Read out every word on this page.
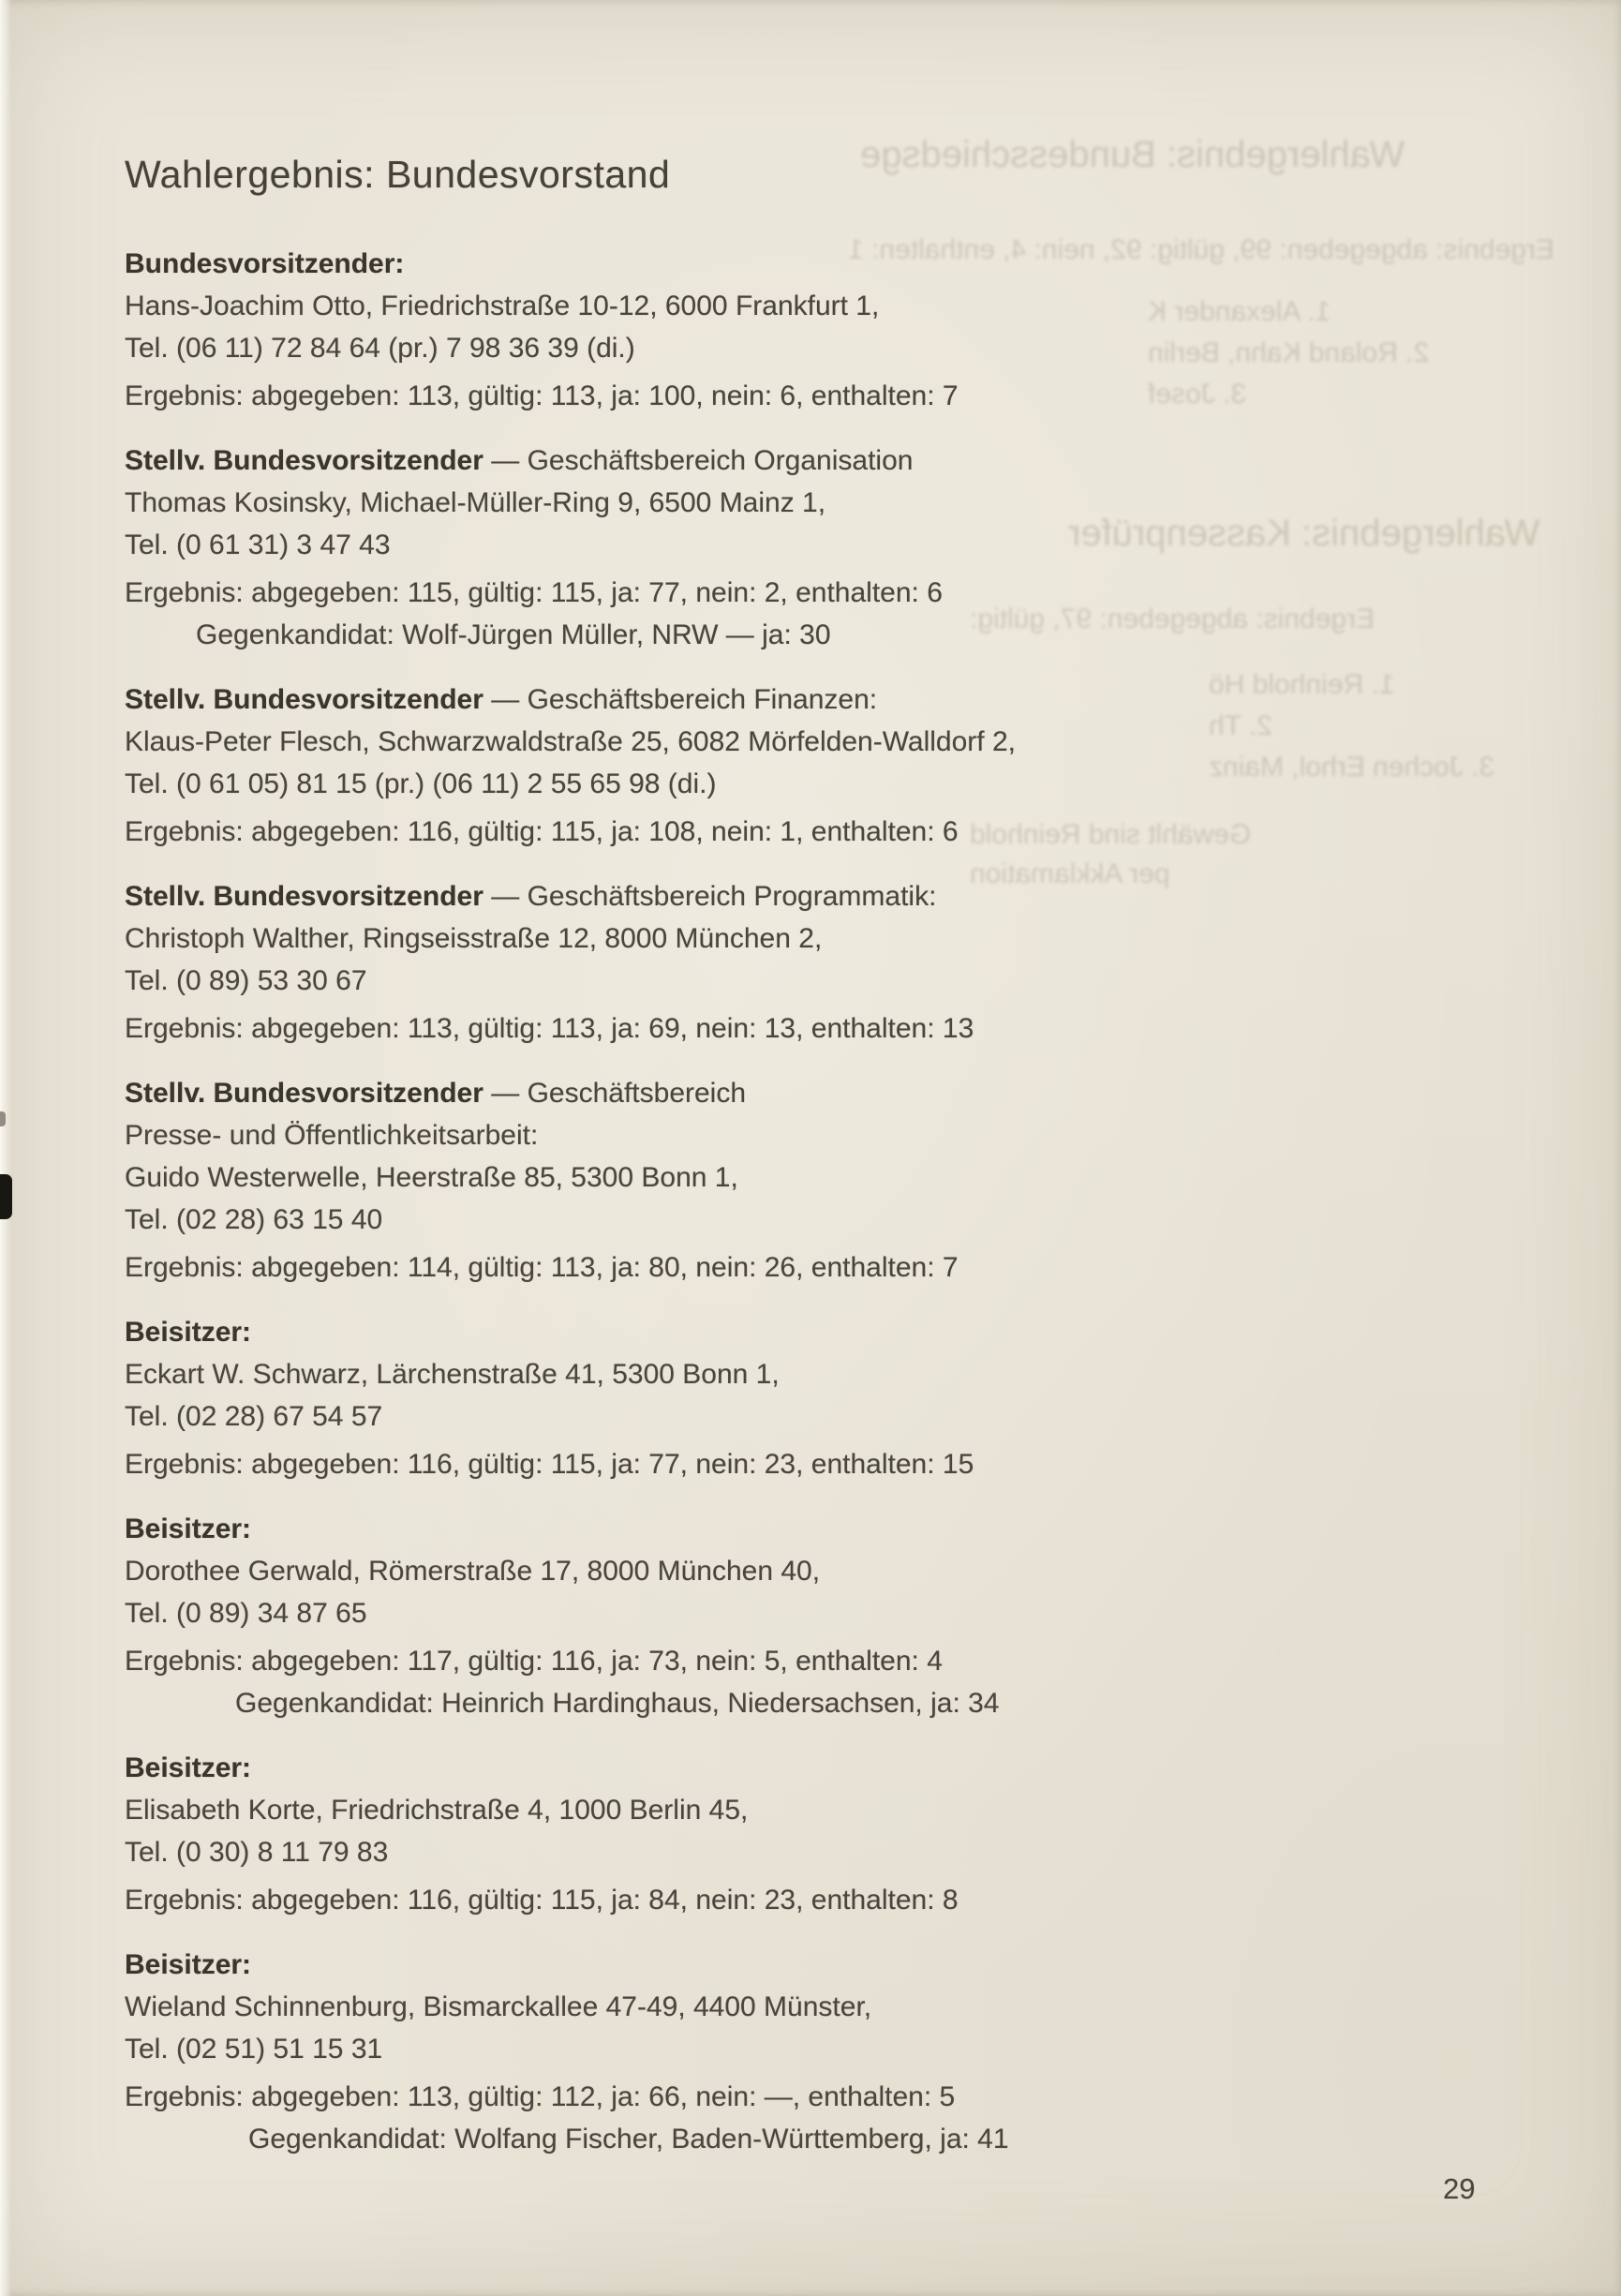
Wahlergebnis: Bundesschiedsge
Ergebnis: abgegeben: 99, gültig: 92, nein: 4, enthalten: 1
1. Alexander K
2. Roland Kahn, Berlin
3. Josef
Wahlergebnis: Kassenprüfer
Ergebnis: abgegeben: 97, gültig:
1. Reinhold Hö
2. Th
3. Jochen Erhol, Mainz
Gewählt sind Reinhold
per Akklamation
Wahlergebnis: Bundesvorstand
Bundesvorsitzender:
Hans-Joachim Otto, Friedrichstraße 10-12, 6000 Frankfurt 1,
Tel. (06 11) 72 84 64 (pr.) 7 98 36 39 (di.)
Ergebnis: abgegeben: 113, gültig: 113, ja: 100, nein: 6, enthalten: 7
Stellv. Bundesvorsitzender — Geschäftsbereich Organisation
Thomas Kosinsky, Michael-Müller-Ring 9, 6500 Mainz 1,
Tel. (0 61 31) 3 47 43
Ergebnis: abgegeben: 115, gültig: 115, ja: 77, nein: 2, enthalten: 6
Gegenkandidat: Wolf-Jürgen Müller, NRW — ja: 30
Stellv. Bundesvorsitzender — Geschäftsbereich Finanzen:
Klaus-Peter Flesch, Schwarzwaldstraße 25, 6082 Mörfelden-Walldorf 2,
Tel. (0 61 05) 81 15 (pr.) (06 11) 2 55 65 98 (di.)
Ergebnis: abgegeben: 116, gültig: 115, ja: 108, nein: 1, enthalten: 6
Stellv. Bundesvorsitzender — Geschäftsbereich Programmatik:
Christoph Walther, Ringseisstraße 12, 8000 München 2,
Tel. (0 89) 53 30 67
Ergebnis: abgegeben: 113, gültig: 113, ja: 69, nein: 13, enthalten: 13
Stellv. Bundesvorsitzender — Geschäftsbereich
Presse- und Öffentlichkeitsarbeit:
Guido Westerwelle, Heerstraße 85, 5300 Bonn 1,
Tel. (02 28) 63 15 40
Ergebnis: abgegeben: 114, gültig: 113, ja: 80, nein: 26, enthalten: 7
Beisitzer:
Eckart W. Schwarz, Lärchenstraße 41, 5300 Bonn 1,
Tel. (02 28) 67 54 57
Ergebnis: abgegeben: 116, gültig: 115, ja: 77, nein: 23, enthalten: 15
Beisitzer:
Dorothee Gerwald, Römerstraße 17, 8000 München 40,
Tel. (0 89) 34 87 65
Ergebnis: abgegeben: 117, gültig: 116, ja: 73, nein: 5, enthalten: 4
Gegenkandidat: Heinrich Hardinghaus, Niedersachsen, ja: 34
Beisitzer:
Elisabeth Korte, Friedrichstraße 4, 1000 Berlin 45,
Tel. (0 30) 8 11 79 83
Ergebnis: abgegeben: 116, gültig: 115, ja: 84, nein: 23, enthalten: 8
Beisitzer:
Wieland Schinnenburg, Bismarckallee 47-49, 4400 Münster,
Tel. (02 51) 51 15 31
Ergebnis: abgegeben: 113, gültig: 112, ja: 66, nein: —, enthalten: 5
Gegenkandidat: Wolfang Fischer, Baden-Württemberg, ja: 41
29
